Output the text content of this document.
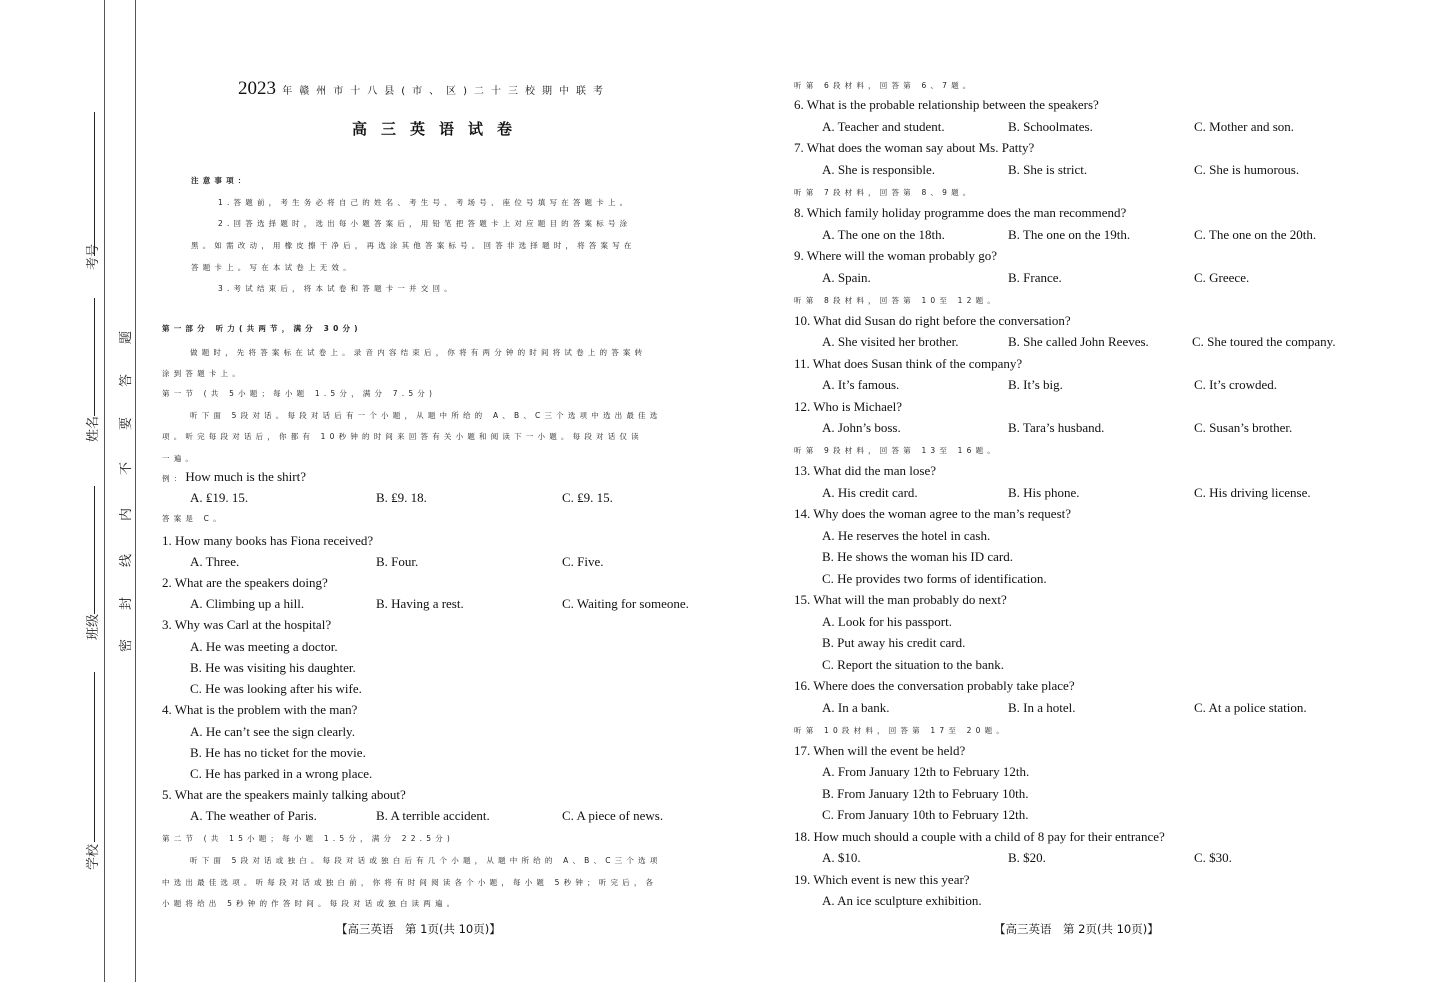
考号
姓名
班级
学校
密
封
线
内
不
要
答
题
2023 年赣州市十八县(市、区)二十三校期中联考
高三英语试卷
注意事项：
1.答题前，考生务必将自己的姓名、考生号、考场号、座位号填写在答题卡上。
2.回答选择题时，选出每小题答案后，用铅笔把答题卡上对应题目的答案标号涂
黑。如需改动，用橡皮擦干净后，再选涂其他答案标号。回答非选择题时，将答案写在
答题卡上。写在本试卷上无效。
3.考试结束后，将本试卷和答题卡一并交回。
第一部分 听力(共两节，满分 30分)
做题时，先将答案标在试卷上。录音内容结束后，你将有两分钟的时间将试卷上的答案转
涂到答题卡上。
第一节 (共 5小题；每小题 1.5分，满分 7.5分)
听下面 5段对话。每段对话后有一个小题，从题中所给的 A、B、C三个选项中选出最佳选
项。听完每段对话后，你都有 10秒钟的时间来回答有关小题和阅读下一小题。每段对话仅读
一遍。
例：How much is the shirt?
A. ₤19. 15.	B. ₤9. 18.	C. ₤9. 15.
答案是 C。
1. How many books has Fiona received?
A. Three.	B. Four.	C. Five.
2. What are the speakers doing?
A. Climbing up a hill.	B. Having a rest.	C. Waiting for someone.
3. Why was Carl at the hospital?
A. He was meeting a doctor.
B. He was visiting his daughter.
C. He was looking after his wife.
4. What is the problem with the man?
A. He can’t see the sign clearly.
B. He has no ticket for the movie.
C. He has parked in a wrong place.
5. What are the speakers mainly talking about?
A. The weather of Paris.	B. A terrible accident.	C. A piece of news.
第二节 (共 15小题；每小题 1.5分，满分 22.5分)
听下面 5段对话或独白。每段对话或独白后有几个小题，从题中所给的 A、B、C三个选项
中选出最佳选项。听每段对话或独白前，你将有时间阅读各个小题，每小题 5秒钟；听完后，各
小题将给出 5秒钟的作答时间。每段对话或独白读两遍。
【高三英语　第 1页(共 10页)】
听第 6段材料，回答第 6、7题。
6. What is the probable relationship between the speakers?
A. Teacher and student.	B. Schoolmates.	C. Mother and son.
7. What does the woman say about Ms. Patty?
A. She is responsible.	B. She is strict.	C. She is humorous.
听第 7段材料，回答第 8、9题。
8. Which family holiday programme does the man recommend?
A. The one on the 18th.	B. The one on the 19th.	C. The one on the 20th.
9. Where will the woman probably go?
A. Spain.	B. France.	C. Greece.
听第 8段材料，回答第 10至 12题。
10. What did Susan do right before the conversation?
A. She visited her brother.	B. She called John Reeves.	C. She toured the company.
11. What does Susan think of the company?
A. It’s famous.	B. It’s big.	C. It’s crowded.
12. Who is Michael?
A. John’s boss.	B. Tara’s husband.	C. Susan’s brother.
听第 9段材料，回答第 13至 16题。
13. What did the man lose?
A. His credit card.	B. His phone.	C. His driving license.
14. Why does the woman agree to the man’s request?
A. He reserves the hotel in cash.
B. He shows the woman his ID card.
C. He provides two forms of identification.
15. What will the man probably do next?
A. Look for his passport.
B. Put away his credit card.
C. Report the situation to the bank.
16. Where does the conversation probably take place?
A. In a bank.	B. In a hotel.	C. At a police station.
听第 10段材料，回答第 17至 20题。
17. When will the event be held?
A. From January 12th to February 12th.
B. From January 12th to February 10th.
C. From January 10th to February 12th.
18. How much should a couple with a child of 8 pay for their entrance?
A. $10.	B. $20.	C. $30.
19. Which event is new this year?
A. An ice sculpture exhibition.
【高三英语　第 2页(共 10页)】
